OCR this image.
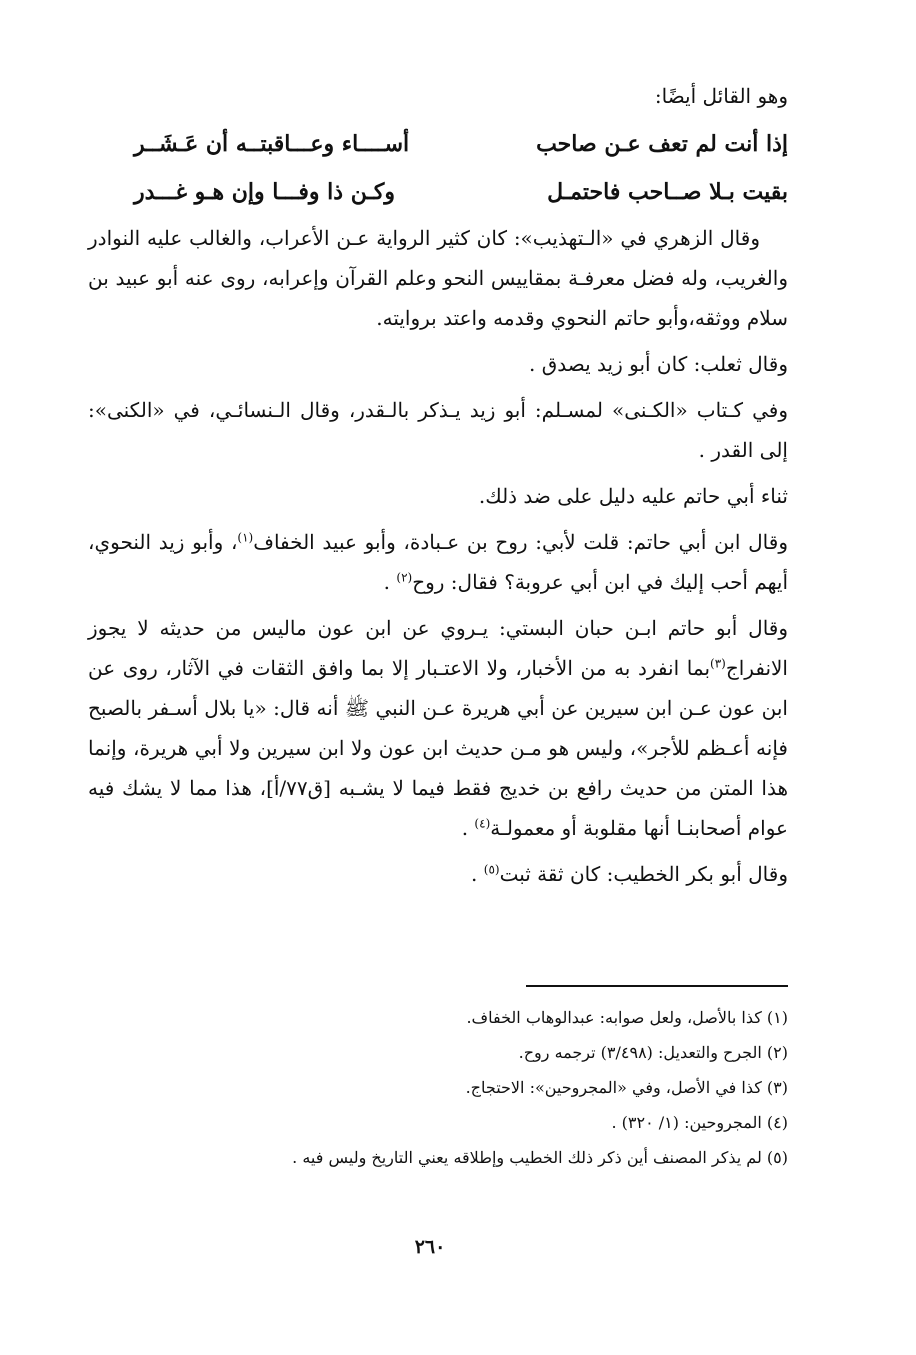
وهو القائل أيضًا:
إذا أنت لم تعف عـن صاحب
أســــاء وعـــاقبتــه أن عَـشَــر
بقيت بـلا صــاحب فاحتمـل
وكـن ذا وفـــا وإن هـو غـــدر

وقال الزهري في «الـتهذيب»: كان كثير الرواية عـن الأعراب، والغالب عليه النوادر والغريب، وله فضل معرفـة بمقاييس النحو وعلم القرآن وإعرابه، روى عنه أبو عبيد بن سلام ووثقه،وأبو حاتم النحوي وقدمه واعتد بروايته.

وقال ثعلب: كان أبو زيد يصدق .

وفي كـتاب «الكـنى» لمسـلم: أبو زيد يـذكر بالـقدر، وقال الـنسائـي، في «الكنى»: إلى القدر .

ثناء أبي حاتم عليه دليل على ضد ذلك.

وقال ابن أبي حاتم: قلت لأبي: روح بن عـبادة، وأبو عبيد الخفاف$^{(١)}$، وأبو زيد النحوي، أيهم أحب إليك في ابن أبي عروبة؟ فقال: روح$^{(٢)}$ .

وقال أبو حاتم ابـن حبان البستي: يـروي عن ابن عون ماليس من حديثه لا يجوز الانفراج$^{(٣)}$بما انفرد به من الأخبار، ولا الاعتـبار إلا بما وافق الثقات في الآثار، روى عن ابن عون عـن ابن سيرين عن أبي هريرة عـن النبي ﷺ أنه قال: «يا بلال أسـفر بالصبح فإنه أعـظم للأجر»، وليس هو مـن حديث ابن عون ولا ابن سيرين ولا أبي هريرة، وإنما هذا المتن من حديث رافع بن خديج فقط فيما لا يشـبه [ق٧٧/أ]، هذا مما لا يشك فيه عوام أصحابنـا أنها مقلوبة أو معمولـة$^{(٤)}$ .

وقال أبو بكر الخطيب: كان ثقة ثبت$^{(٥)}$ .

(١) كذا بالأصل، ولعل صوابه: عبدالوهاب الخفاف.

(٢) الجرح والتعديل: (٣/٤٩٨) ترجمه روح.

(٣) كذا في الأصل، وفي «المجروحين»: الاحتجاج.

(٤) المجروحين: (١/ ٣٢٠) .

(٥) لم يذكر المصنف أين ذكر ذلك الخطيب وإطلاقه يعني التاريخ وليس فيه .

٢٦٠
